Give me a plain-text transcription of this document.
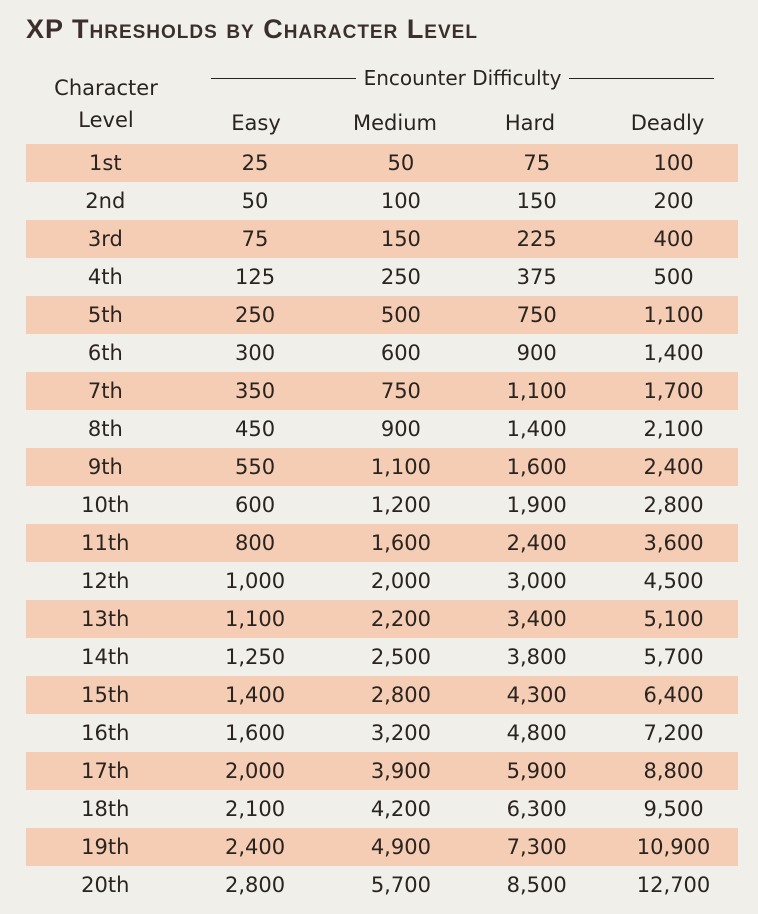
XP Thresholds by Character Level
Encounter Difficulty
Character Level	Easy	Medium	Hard	Deadly
1st	25	50	75	100
2nd	50	100	150	200
3rd	75	150	225	400
4th	125	250	375	500
5th	250	500	750	1,100
6th	300	600	900	1,400
7th	350	750	1,100	1,700
8th	450	900	1,400	2,100
9th	550	1,100	1,600	2,400
10th	600	1,200	1,900	2,800
11th	800	1,600	2,400	3,600
12th	1,000	2,000	3,000	4,500
13th	1,100	2,200	3,400	5,100
14th	1,250	2,500	3,800	5,700
15th	1,400	2,800	4,300	6,400
16th	1,600	3,200	4,800	7,200
17th	2,000	3,900	5,900	8,800
18th	2,100	4,200	6,300	9,500
19th	2,400	4,900	7,300	10,900
20th	2,800	5,700	8,500	12,700
